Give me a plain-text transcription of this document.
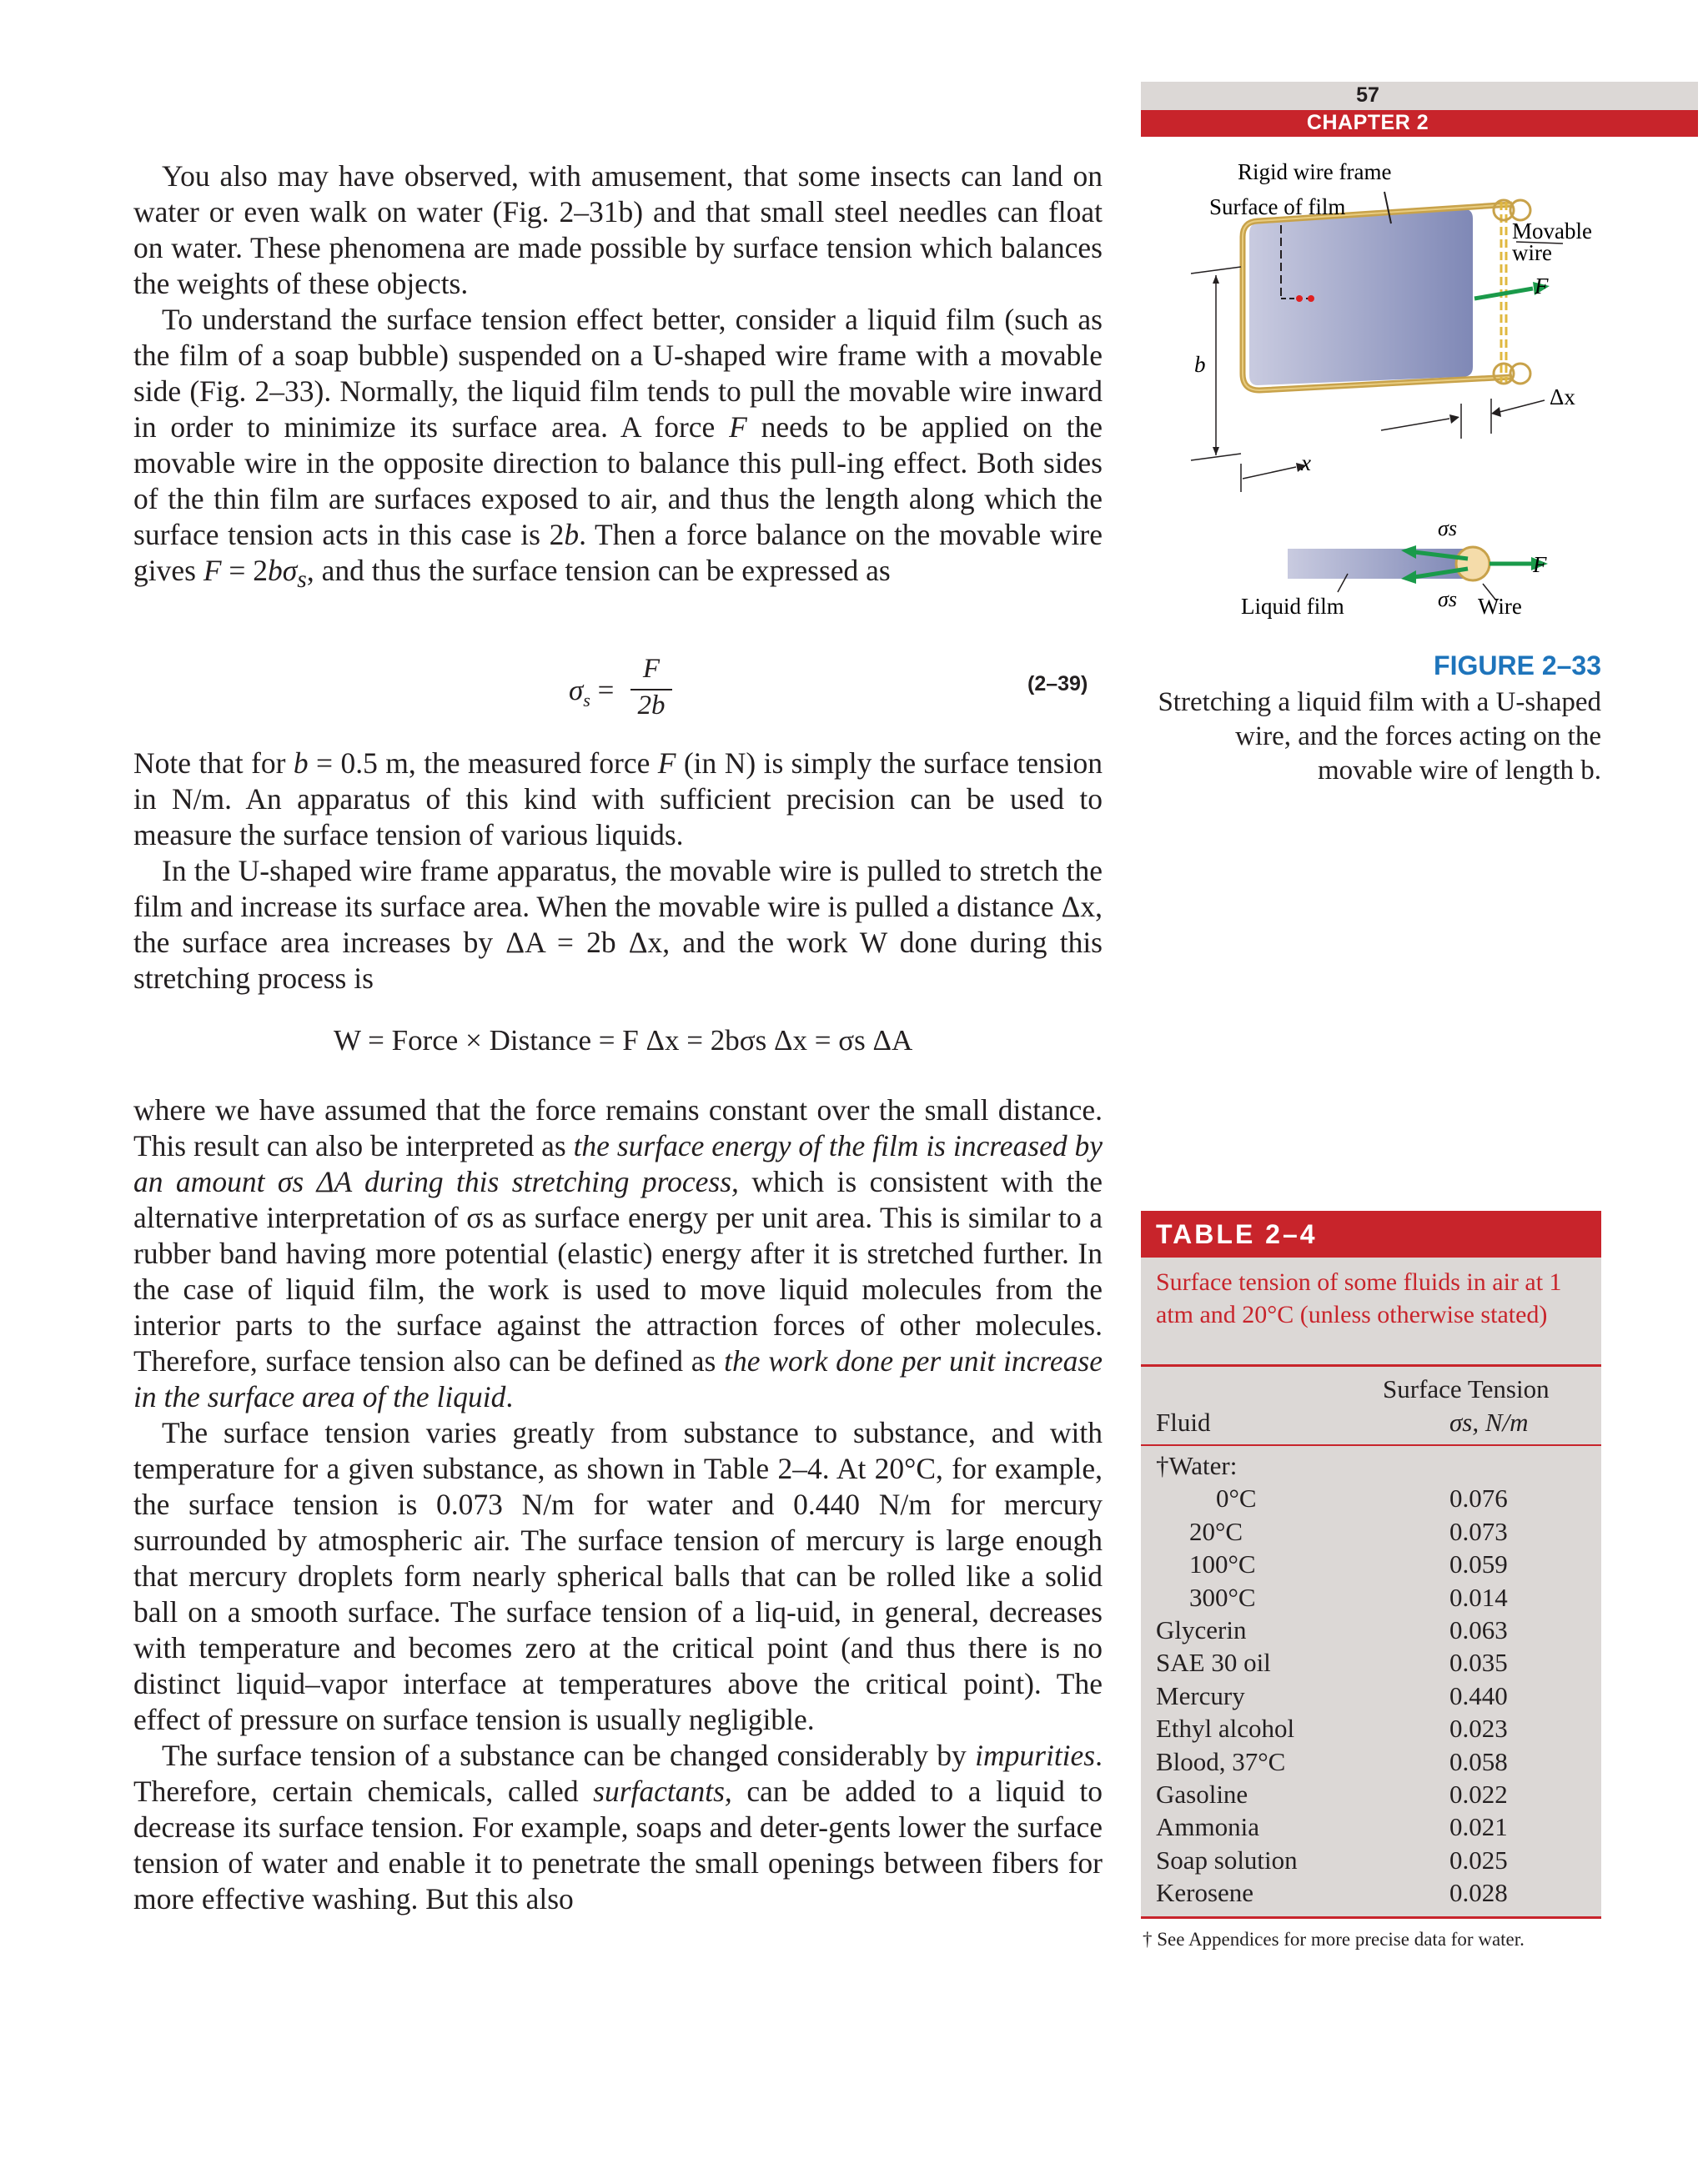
57
CHAPTER 2

You also may have observed, with amusement, that some insects can land on water or even walk on water (Fig. 2–31b) and that small steel needles can float on water. These phenomena are made possible by surface tension which balances the weights of these objects.

To understand the surface tension effect better, consider a liquid film (such as the film of a soap bubble) suspended on a U-shaped wire frame with a movable side (Fig. 2–33). Normally, the liquid film tends to pull the movable wire inward in order to minimize its surface area. A force F needs to be applied on the movable wire in the opposite direction to balance this pull-ing effect. Both sides of the thin film are surfaces exposed to air, and thus the length along which the surface tension acts in this case is 2b. Then a force balance on the movable wire gives $F = 2b\sigma_s$, and thus the surface tension can be expressed as

$\sigma_s$ =
F
2b
(2–39)

Note that for b = 0.5 m, the measured force F (in N) is simply the surface tension in N/m. An apparatus of this kind with sufficient precision can be used to measure the surface tension of various liquids.

In the U-shaped wire frame apparatus, the movable wire is pulled to stretch the film and increase its surface area. When the movable wire is pulled a distance Δx, the surface area increases by ΔA = 2b Δx, and the work W done during this stretching process is

W = Force × Distance = F Δx = 2bσs Δx = σs ΔA

where we have assumed that the force remains constant over the small distance. This result can also be interpreted as the surface energy of the film is increased by an amount σs ΔA during this stretching process, which is consistent with the alternative interpretation of σs as surface energy per unit area. This is similar to a rubber band having more potential (elastic) energy after it is stretched further. In the case of liquid film, the work is used to move liquid molecules from the interior parts to the surface against the attraction forces of other molecules. Therefore, surface tension also can be defined as the work done per unit increase in the surface area of the liquid.

The surface tension varies greatly from substance to substance, and with temperature for a given substance, as shown in Table 2–4. At 20°C, for example, the surface tension is 0.073 N/m for water and 0.440 N/m for mercury surrounded by atmospheric air. The surface tension of mercury is large enough that mercury droplets form nearly spherical balls that can be rolled like a solid ball on a smooth surface. The surface tension of a liq-uid, in general, decreases with temperature and becomes zero at the critical point (and thus there is no distinct liquid–vapor interface at temperatures above the critical point). The effect of pressure on surface tension is usually negligible.

The surface tension of a substance can be changed considerably by impurities. Therefore, certain chemicals, called surfactants, can be added to a liquid to decrease its surface tension. For example, soaps and deter-gents lower the surface tension of water and enable it to penetrate the small openings between fibers for more effective washing. But this also

Rigid wire frame
Surface of film
Movable
wire
F
b
Δx
x
σs
σs
F
Liquid film	Wire
FIGURE 2–33
Stretching a liquid film with a U-shaped wire, and the forces acting on the movable wire of length b.
TABLE 2–4
Surface tension of some fluids in air at 1 atm and 20°C (unless otherwise stated)
Surface Tension
Fluid	σs, N/m
†Water:
0°C	0.076
20°C	0.073
100°C	0.059
300°C	0.014
Glycerin	0.063
SAE 30 oil	0.035
Mercury	0.440
Ethyl alcohol	0.023
Blood, 37°C	0.058
Gasoline	0.022
Ammonia	0.021
Soap solution	0.025
Kerosene	0.028
† See Appendices for more precise data for water.
